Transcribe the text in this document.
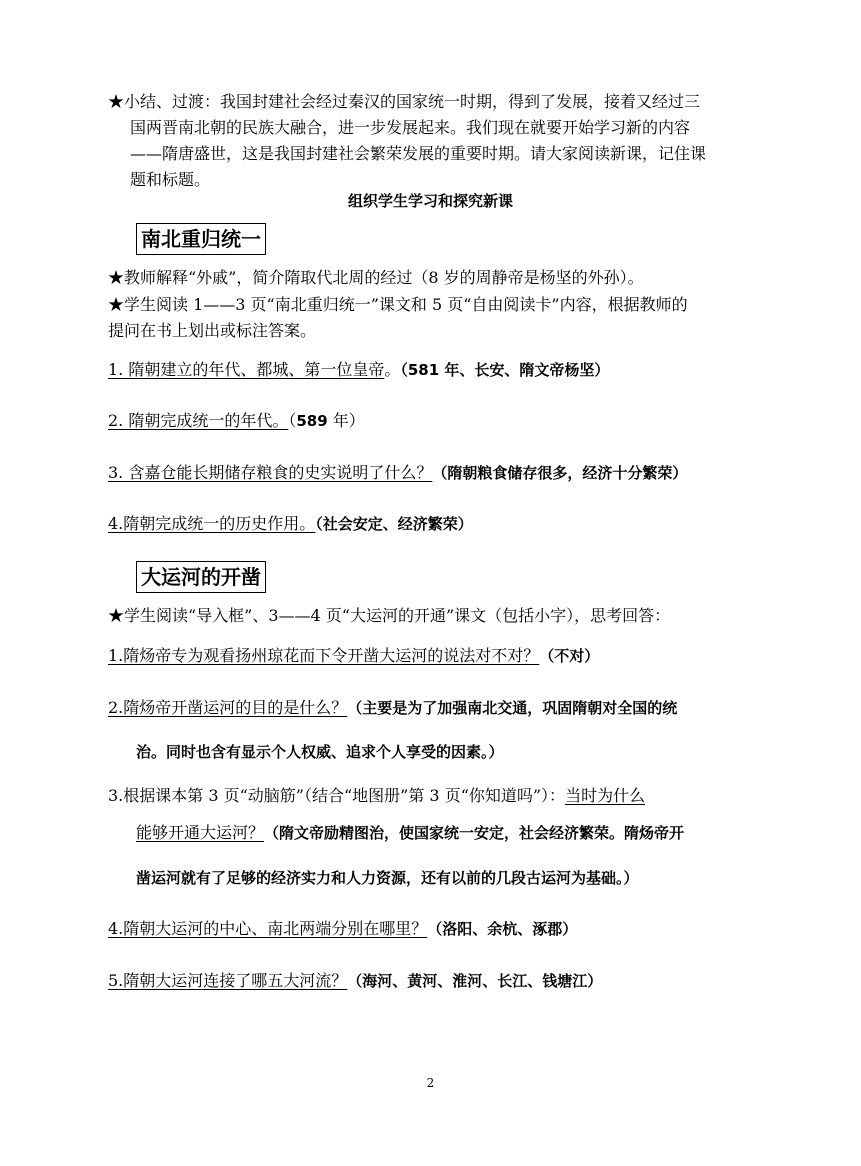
★小结、过渡：我国封建社会经过秦汉的国家统一时期，得到了发展，接着又经过三
国两晋南北朝的民族大融合，进一步发展起来。我们现在就要开始学习新的内容
——隋唐盛世，这是我国封建社会繁荣发展的重要时期。请大家阅读新课，记住课
题和标题。
组织学生学习和探究新课
南北重归统一
★教师解释“外戚”，简介隋取代北周的经过（8 岁的周静帝是杨坚的外孙）。
★学生阅读 1——3 页“南北重归统一”课文和 5 页“自由阅读卡”内容，根据教师的
提问在书上划出或标注答案。
1. 隋朝建立的年代、都城、第一位皇帝。（581 年、长安、隋文帝杨坚）
2. 隋朝完成统一的年代。（589 年）
3. 含嘉仓能长期储存粮食的史实说明了什么？（隋朝粮食储存很多，经济十分繁荣）
4.隋朝完成统一的历史作用。（社会安定、经济繁荣）
大运河的开凿
★学生阅读“导入框”、3——4 页“大运河的开通”课文（包括小字），思考回答：
1.隋炀帝专为观看扬州琼花而下令开凿大运河的说法对不对？（不对）
2.隋炀帝开凿运河的目的是什么？（主要是为了加强南北交通，巩固隋朝对全国的统
治。同时也含有显示个人权威、追求个人享受的因素。）
3.根据课本第 3 页“动脑筋”（结合“地图册”第 3 页“你知道吗”）：当时为什么
能够开通大运河？（隋文帝励精图治，使国家统一安定，社会经济繁荣。隋炀帝开
凿运河就有了足够的经济实力和人力资源，还有以前的几段古运河为基础。）
4.隋朝大运河的中心、南北两端分别在哪里？（洛阳、余杭、涿郡）
5.隋朝大运河连接了哪五大河流？（海河、黄河、淮河、长江、钱塘江）
2
